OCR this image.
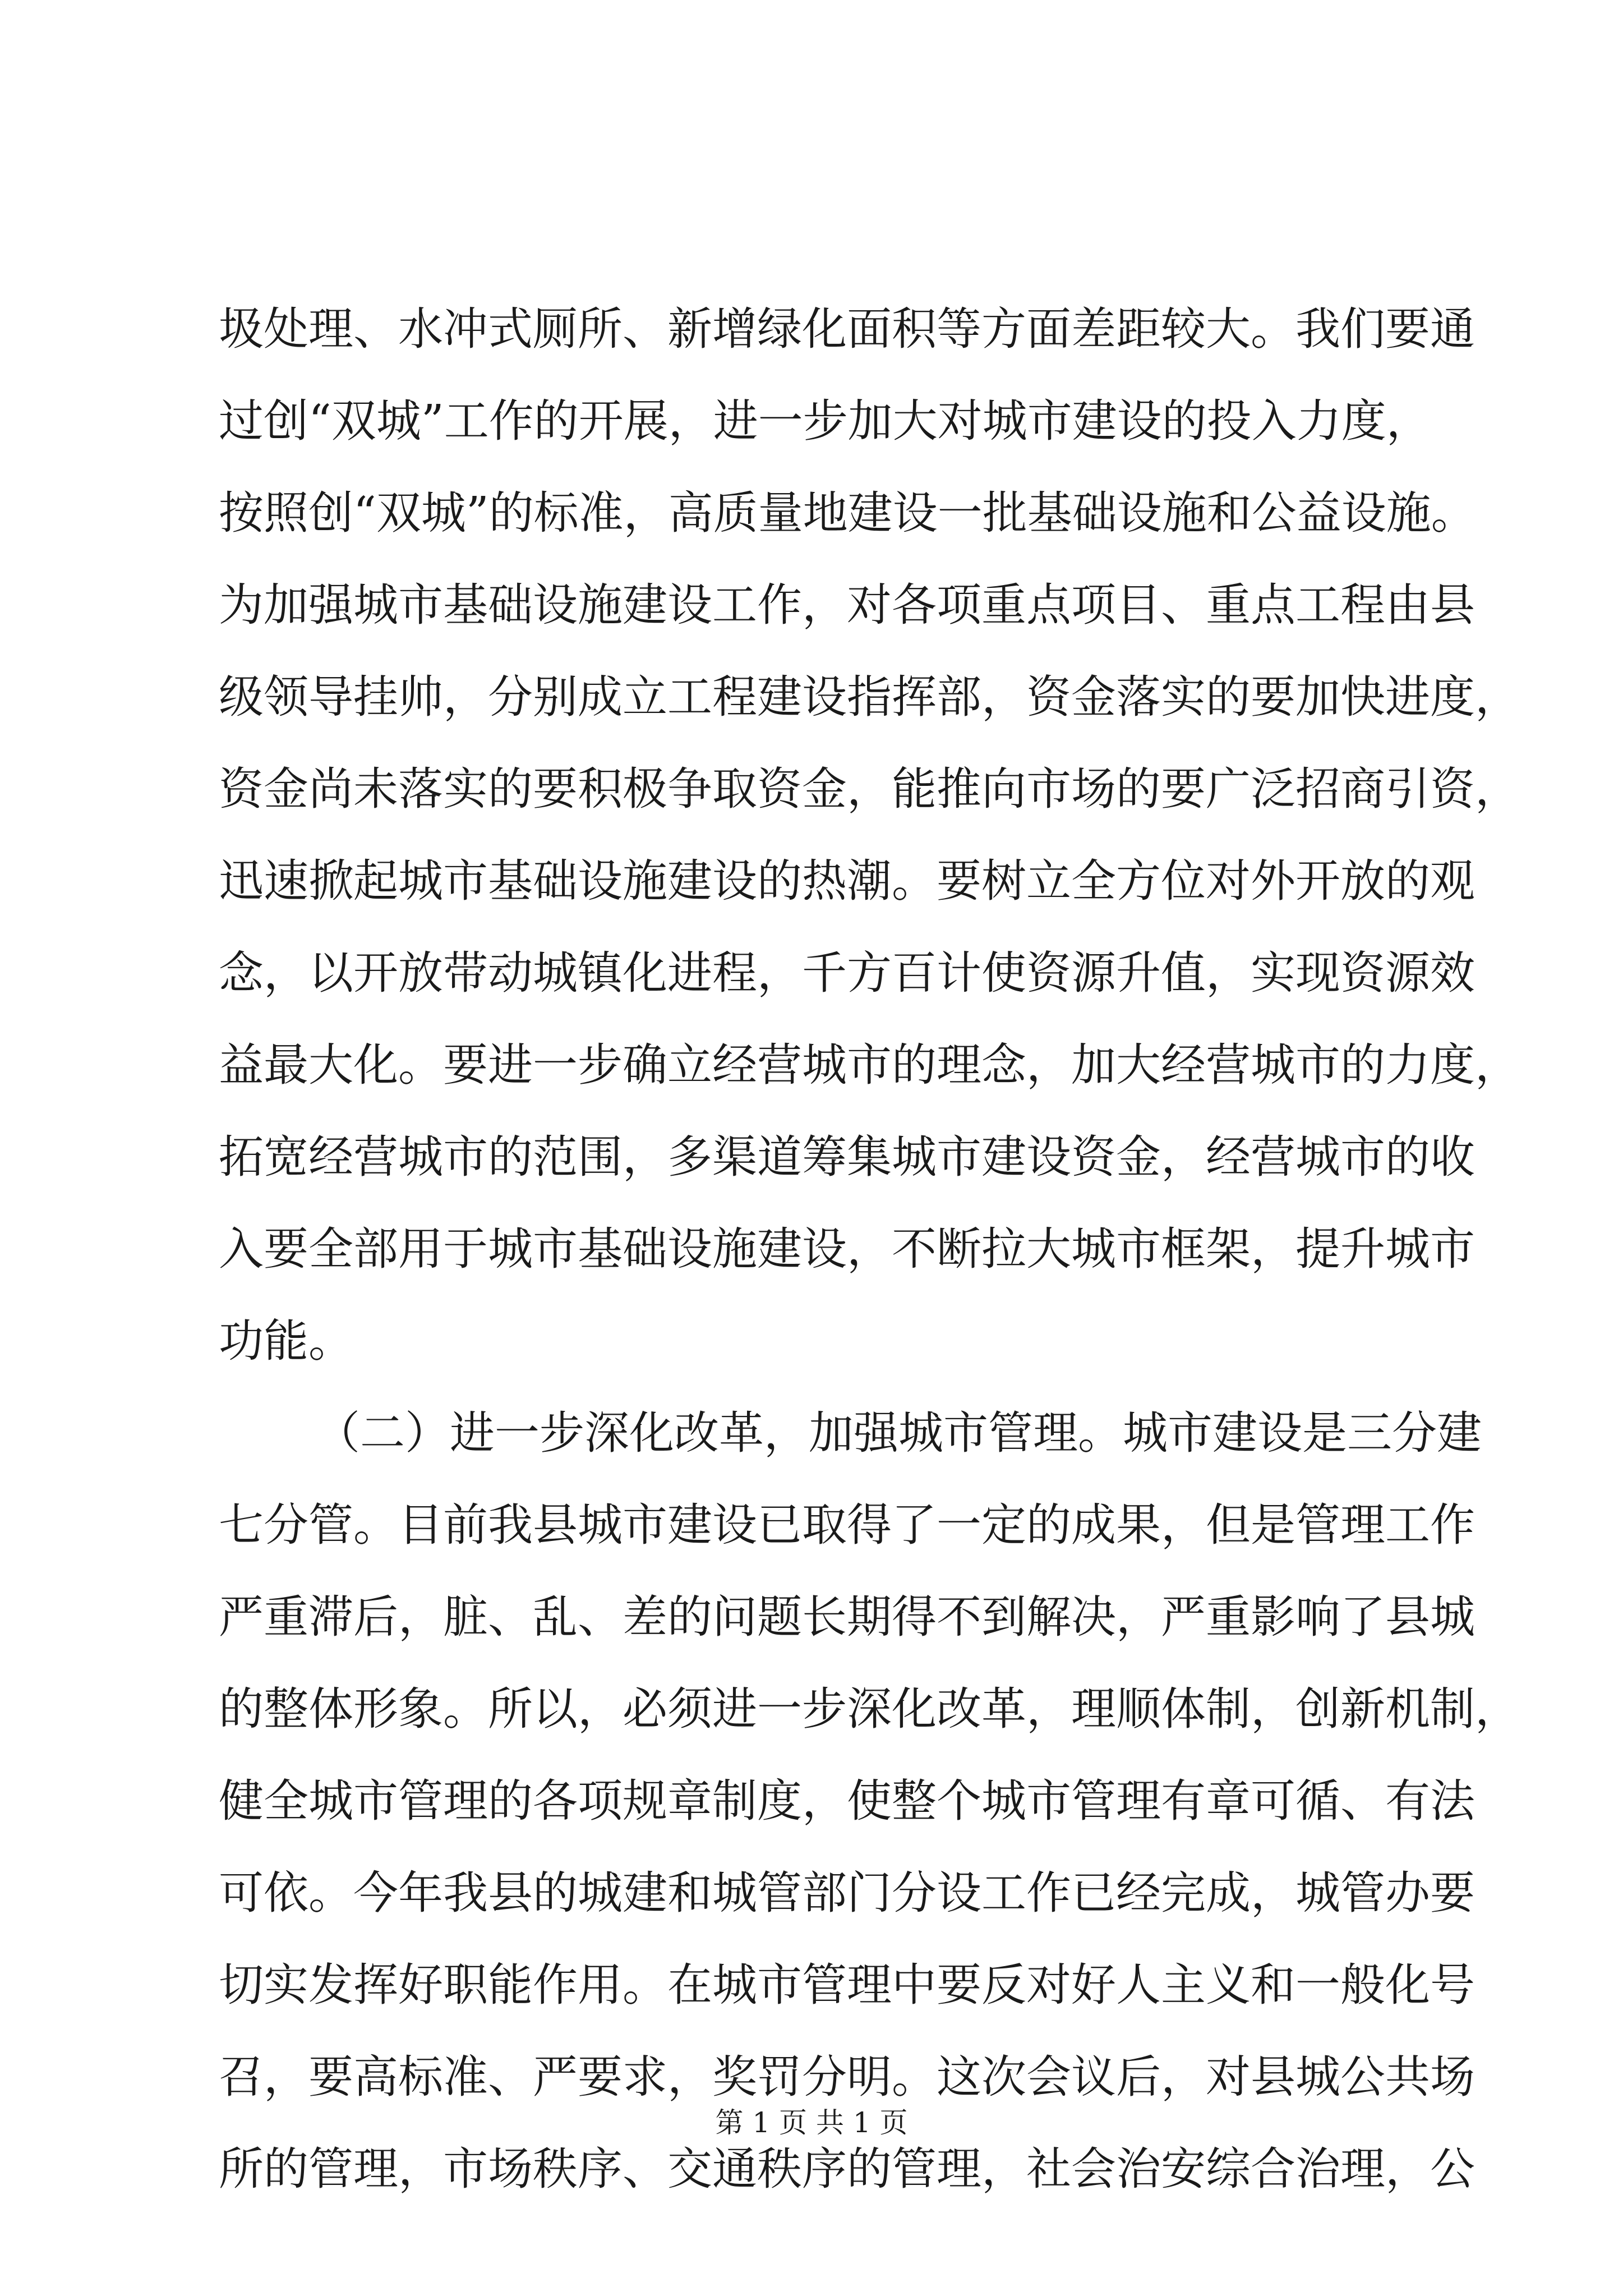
圾处理、水冲式厕所、新增绿化面积等方面差距较大。我们要通
过创“双城”工作的开展，进一步加大对城市建设的投入力度，
按照创“双城”的标准，高质量地建设一批基础设施和公益设施。
为加强城市基础设施建设工作，对各项重点项目、重点工程由县
级领导挂帅，分别成立工程建设指挥部，资金落实的要加快进度，
资金尚未落实的要积极争取资金，能推向市场的要广泛招商引资，
迅速掀起城市基础设施建设的热潮。要树立全方位对外开放的观
念，以开放带动城镇化进程，千方百计使资源升值，实现资源效
益最大化。要进一步确立经营城市的理念，加大经营城市的力度，
拓宽经营城市的范围，多渠道筹集城市建设资金，经营城市的收
入要全部用于城市基础设施建设，不断拉大城市框架，提升城市
功能。
（二）进一步深化改革，加强城市管理。城市建设是三分建
七分管。目前我县城市建设已取得了一定的成果，但是管理工作
严重滞后，脏、乱、差的问题长期得不到解决，严重影响了县城
的整体形象。所以，必须进一步深化改革，理顺体制，创新机制，
健全城市管理的各项规章制度，使整个城市管理有章可循、有法
可依。今年我县的城建和城管部门分设工作已经完成，城管办要
切实发挥好职能作用。在城市管理中要反对好人主义和一般化号
召，要高标准、严要求，奖罚分明。这次会议后，对县城公共场
所的管理，市场秩序、交通秩序的管理，社会治安综合治理，公
第 1 页 共 1 页
